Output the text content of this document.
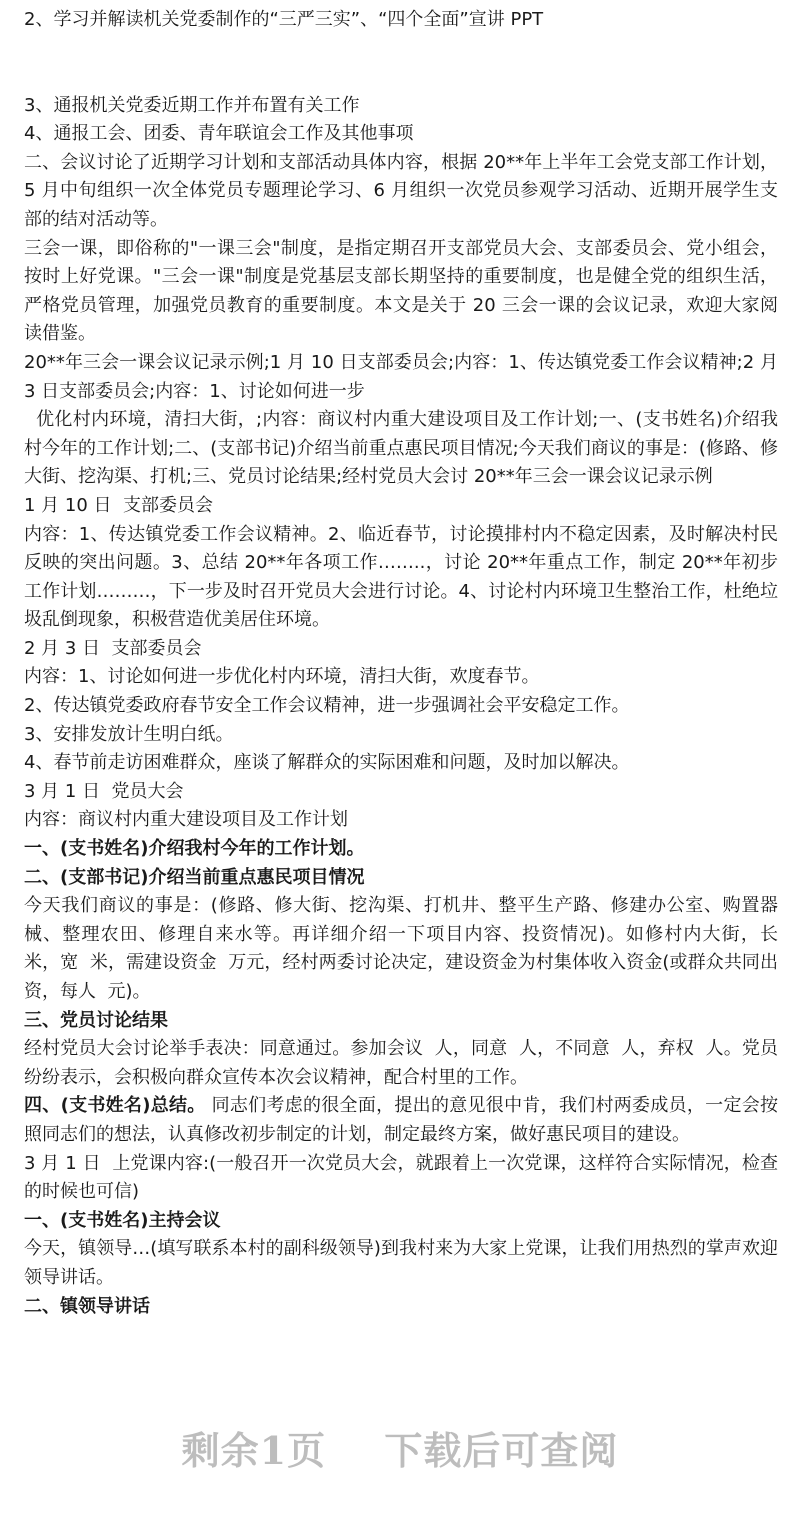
2、学习并解读机关党委制作的“三严三实”、“四个全面”宣讲 PPT

3、通报机关党委近期工作并布置有关工作

4、通报工会、团委、青年联谊会工作及其他事项

二、会议讨论了近期学习计划和支部活动具体内容，根据 20**年上半年工会党支部工作计划，5 月中旬组织一次全体党员专题理论学习、6 月组织一次党员参观学习活动、近期开展学生支部的结对活动等。

三会一课，即俗称的"一课三会"制度，是指定期召开支部党员大会、支部委员会、党小组会，按时上好党课。"三会一课"制度是党基层支部长期坚持的重要制度，也是健全党的组织生活，严格党员管理，加强党员教育的重要制度。本文是关于 20 三会一课的会议记录，欢迎大家阅读借鉴。

20**年三会一课会议记录示例;1 月 10 日支部委员会;内容：1、传达镇党委工作会议精神;2 月 3 日支部委员会;内容：1、讨论如何进一步

优化村内环境，清扫大街，;内容：商议村内重大建设项目及工作计划;一、(支书姓名)介绍我村今年的工作计划;二、(支部书记)介绍当前重点惠民项目情况;今天我们商议的事是：(修路、修大街、挖沟渠、打机;三、党员讨论结果;经村党员大会讨 20**年三会一课会议记录示例

1 月 10 日  支部委员会

内容：1、传达镇党委工作会议精神。2、临近春节，讨论摸排村内不稳定因素，及时解决村民反映的突出问题。3、总结 20**年各项工作……..，讨论 20**年重点工作，制定 20**年初步工作计划………，下一步及时召开党员大会进行讨论。4、讨论村内环境卫生整治工作，杜绝垃圾乱倒现象，积极营造优美居住环境。

2 月 3 日  支部委员会

内容：1、讨论如何进一步优化村内环境，清扫大街，欢度春节。

2、传达镇党委政府春节安全工作会议精神，进一步强调社会平安稳定工作。

3、安排发放计生明白纸。

4、春节前走访困难群众，座谈了解群众的实际困难和问题，及时加以解决。

3 月 1 日  党员大会

内容：商议村内重大建设项目及工作计划

一、(支书姓名)介绍我村今年的工作计划。

二、(支部书记)介绍当前重点惠民项目情况

今天我们商议的事是：(修路、修大街、挖沟渠、打机井、整平生产路、修建办公室、购置器械、整理农田、修理自来水等。再详细介绍一下项目内容、投资情况)。如修村内大街，长  米，宽  米，需建设资金  万元，经村两委讨论决定，建设资金为村集体收入资金(或群众共同出资，每人  元)。

三、党员讨论结果

经村党员大会讨论举手表决：同意通过。参加会议  人，同意  人，不同意  人，弃权  人。党员纷纷表示，会积极向群众宣传本次会议精神，配合村里的工作。

四、(支书姓名)总结。 同志们考虑的很全面，提出的意见很中肯，我们村两委成员，一定会按照同志们的想法，认真修改初步制定的计划，制定最终方案，做好惠民项目的建设。

3 月 1 日  上党课内容:(一般召开一次党员大会，就跟着上一次党课，这样符合实际情况，检查的时候也可信)

一、(支书姓名)主持会议

今天，镇领导…(填写联系本村的副科级领导)到我村来为大家上党课，让我们用热烈的掌声欢迎领导讲话。

二、镇领导讲话

剩余1页 下载后可查阅
